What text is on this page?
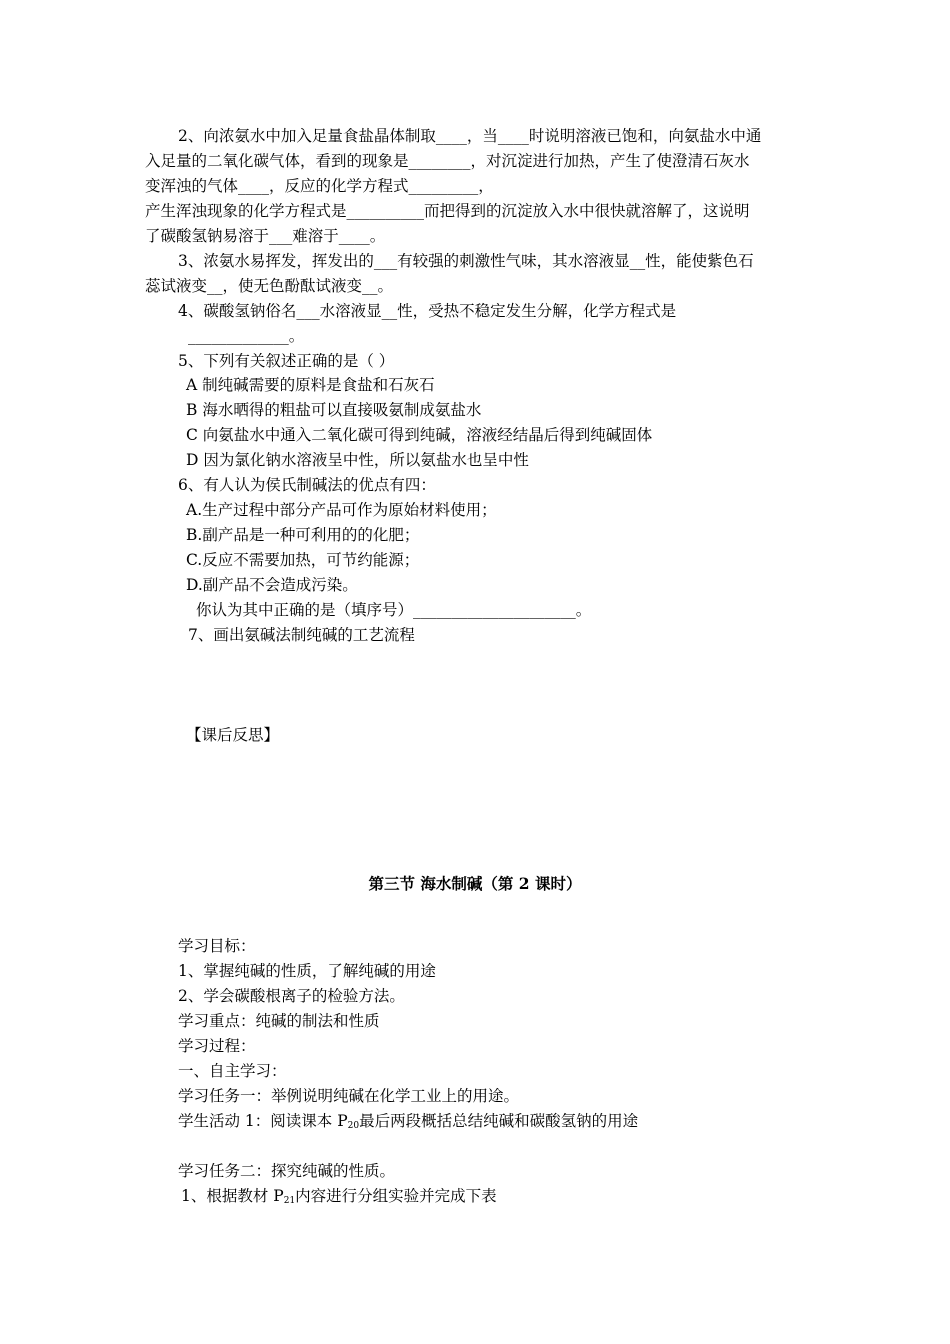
2、向浓氨水中加入足量食盐晶体制取____，当____时说明溶液已饱和，向氨盐水中通
入足量的二氧化碳气体，看到的现象是________，对沉淀进行加热，产生了使澄清石灰水
变浑浊的气体____，反应的化学方程式_________，
产生浑浊现象的化学方程式是__________而把得到的沉淀放入水中很快就溶解了，这说明
了碳酸氢钠易溶于___难溶于____。
3、浓氨水易挥发，挥发出的___有较强的刺激性气味，其水溶液显__性，能使紫色石
蕊试液变__，使无色酚酞试液变__。
4、碳酸氢钠俗名___水溶液显__性，受热不稳定发生分解，化学方程式是
_____________。
5、下列有关叙述正确的是（ ）
A 制纯碱需要的原料是食盐和石灰石
B 海水晒得的粗盐可以直接吸氨制成氨盐水
C 向氨盐水中通入二氧化碳可得到纯碱，溶液经结晶后得到纯碱固体
D 因为氯化钠水溶液呈中性，所以氨盐水也呈中性
6、有人认为侯氏制碱法的优点有四：
A.生产过程中部分产品可作为原始材料使用；
B.副产品是一种可利用的的化肥；
C.反应不需要加热，可节约能源；
D.副产品不会造成污染。
你认为其中正确的是（填序号）_____________________。
7、画出氨碱法制纯碱的工艺流程
【课后反思】
第三节 海水制碱（第 2 课时）
学习目标：
1、掌握纯碱的性质，了解纯碱的用途
2、学会碳酸根离子的检验方法。
学习重点：纯碱的制法和性质
学习过程：
一、自主学习：
学习任务一：举例说明纯碱在化学工业上的用途。
学生活动 1：阅读课本 $P_{20}$最后两段概括总结纯碱和碳酸氢钠的用途
学习任务二：探究纯碱的性质。
1、根据教材 $P_{21}$内容进行分组实验并完成下表
